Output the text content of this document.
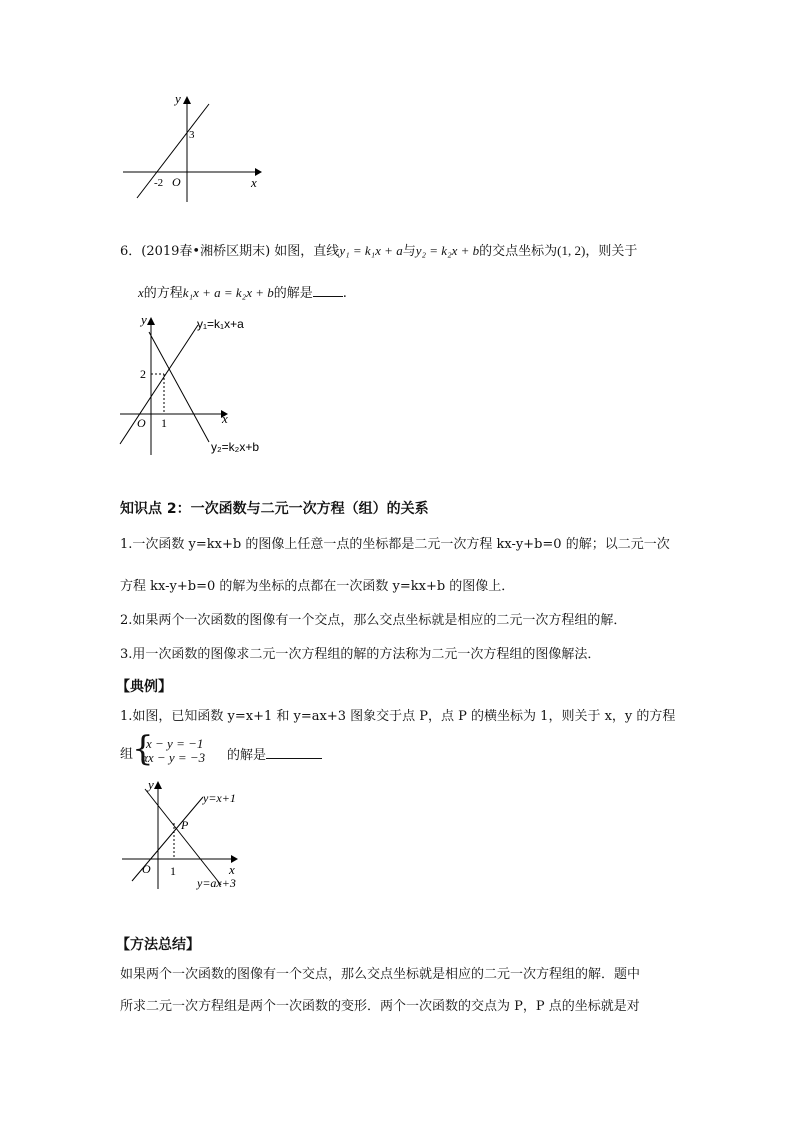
y
x
O
3
-2
6．(2019春•湘桥区期末) 如图，直线y₁ = k₁x + a与y₂ = k₂x + b的交点坐标为(1, 2)，则关于
x的方程k₁x + a = k₂x + b的解是 .
y
x
O
2
1
y₁=k₁x+a
y₂=k₂x+b
知识点 2：一次函数与二元一次方程（组）的关系
1.一次函数 y=kx+b 的图像上任意一点的坐标都是二元一次方程 kx-y+b=0 的解；以二元一次
方程 kx-y+b=0 的解为坐标的点都在一次函数 y=kx+b 的图像上．
2.如果两个一次函数的图像有一个交点，那么交点坐标就是相应的二元一次方程组的解．
3.用一次函数的图像求二元一次方程组的解的方法称为二元一次方程组的图像解法．
【典例】
1.如图，已知函数 y=x+1 和 y=ax+3 图象交于点 P，点 P 的横坐标为 1，则关于 x，y 的方程
组
{
x − y = −1
αx − y = −3 的解是
y
x
O 1
P
y=x+1
y=ax+3
【方法总结】
如果两个一次函数的图像有一个交点，那么交点坐标就是相应的二元一次方程组的解．题中
所求二元一次方程组是两个一次函数的变形．两个一次函数的交点为 P，P 点的坐标就是对
